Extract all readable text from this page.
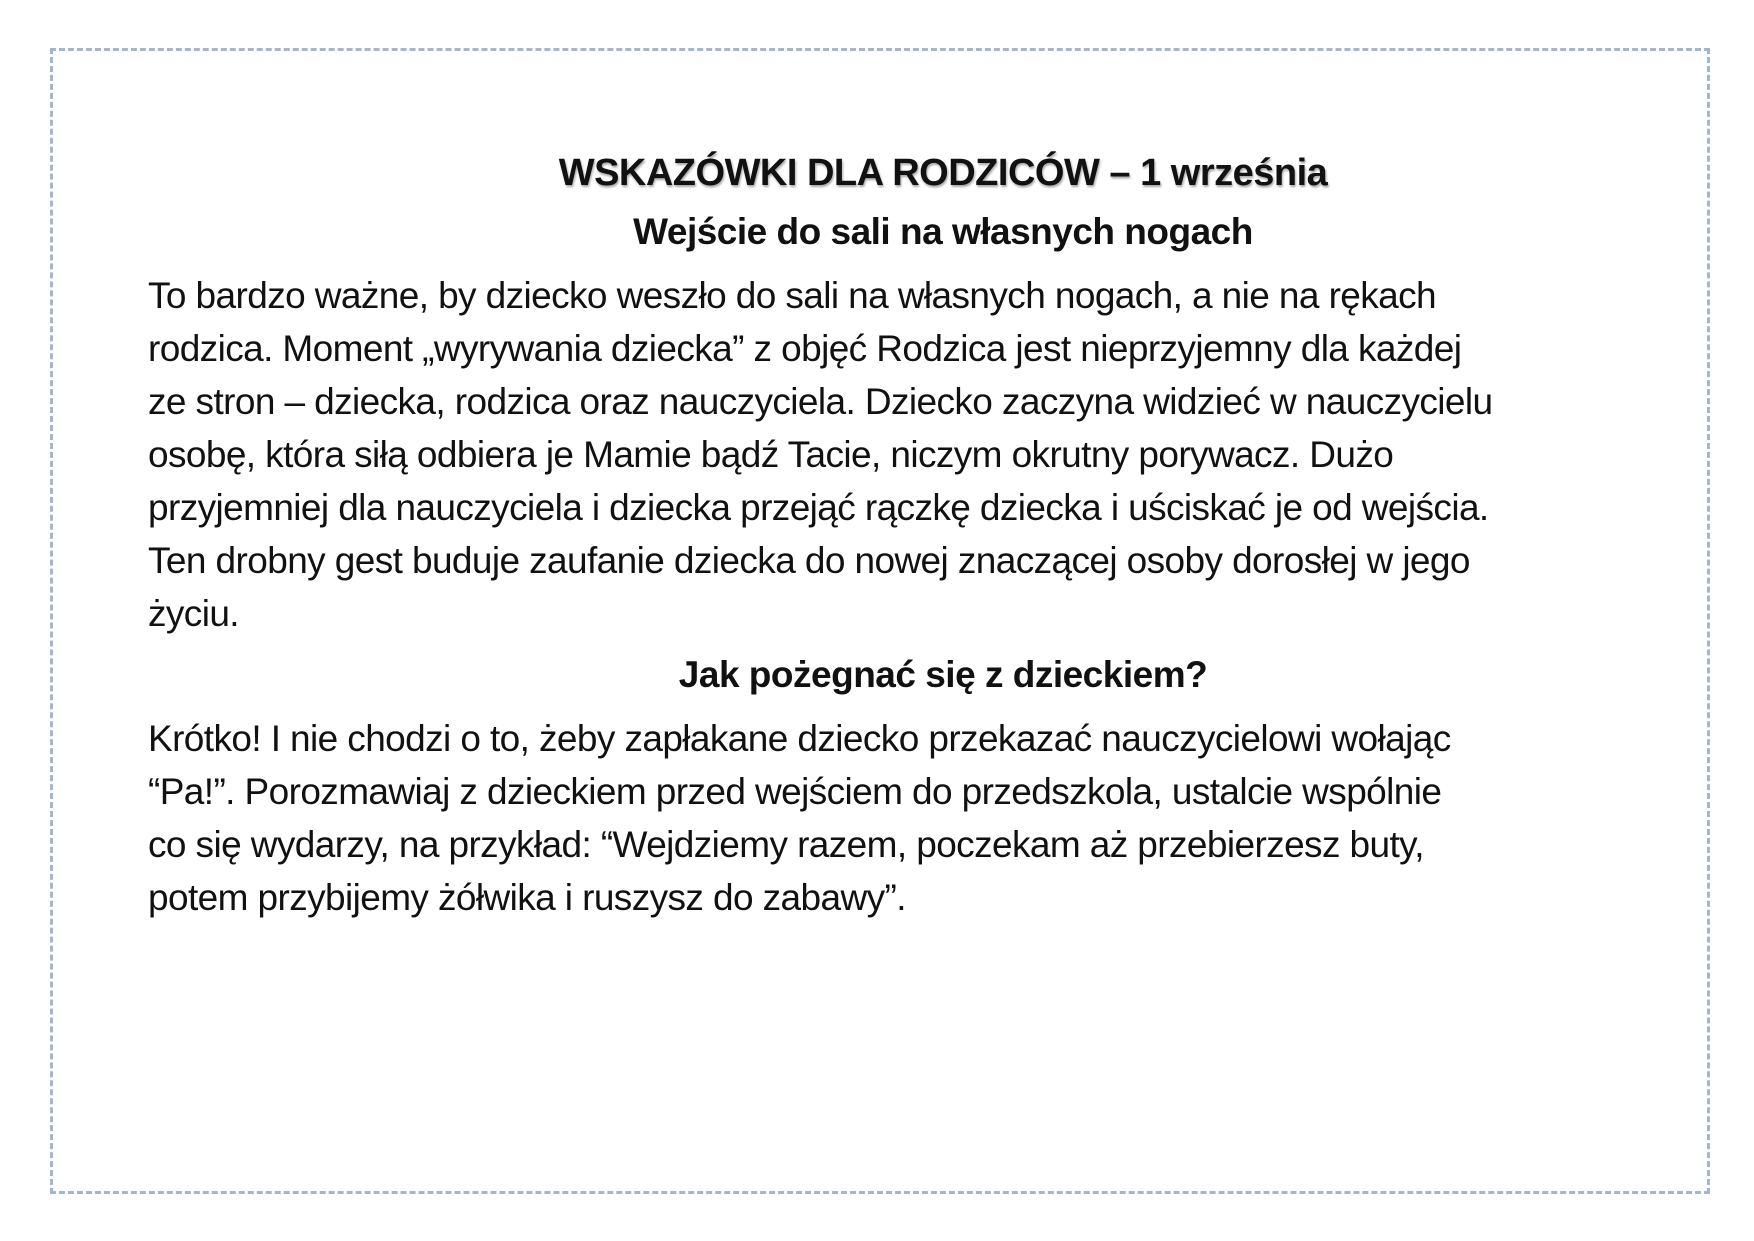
WSKAZÓWKI DLA RODZICÓW – 1 września
Wejście do sali na własnych nogach

To bardzo ważne, by dziecko weszło do sali na własnych nogach, a nie na rękach
rodzica. Moment „wyrywania dziecka” z objęć Rodzica jest nieprzyjemny dla każdej
ze stron – dziecka, rodzica oraz nauczyciela. Dziecko zaczyna widzieć w nauczycielu
osobę, która siłą odbiera je Mamie bądź Tacie, niczym okrutny porywacz. Dużo
przyjemniej dla nauczyciela i dziecka przejąć rączkę dziecka i uściskać je od wejścia.
Ten drobny gest buduje zaufanie dziecka do nowej znaczącej osoby dorosłej w jego
życiu.

Jak pożegnać się z dzieckiem?

Krótko! I nie chodzi o to, żeby zapłakane dziecko przekazać nauczycielowi wołając
“Pa!”. Porozmawiaj z dzieckiem przed wejściem do przedszkola, ustalcie wspólnie
co się wydarzy, na przykład: “Wejdziemy razem, poczekam aż przebierzesz buty,
potem przybijemy żółwika i ruszysz do zabawy”.
